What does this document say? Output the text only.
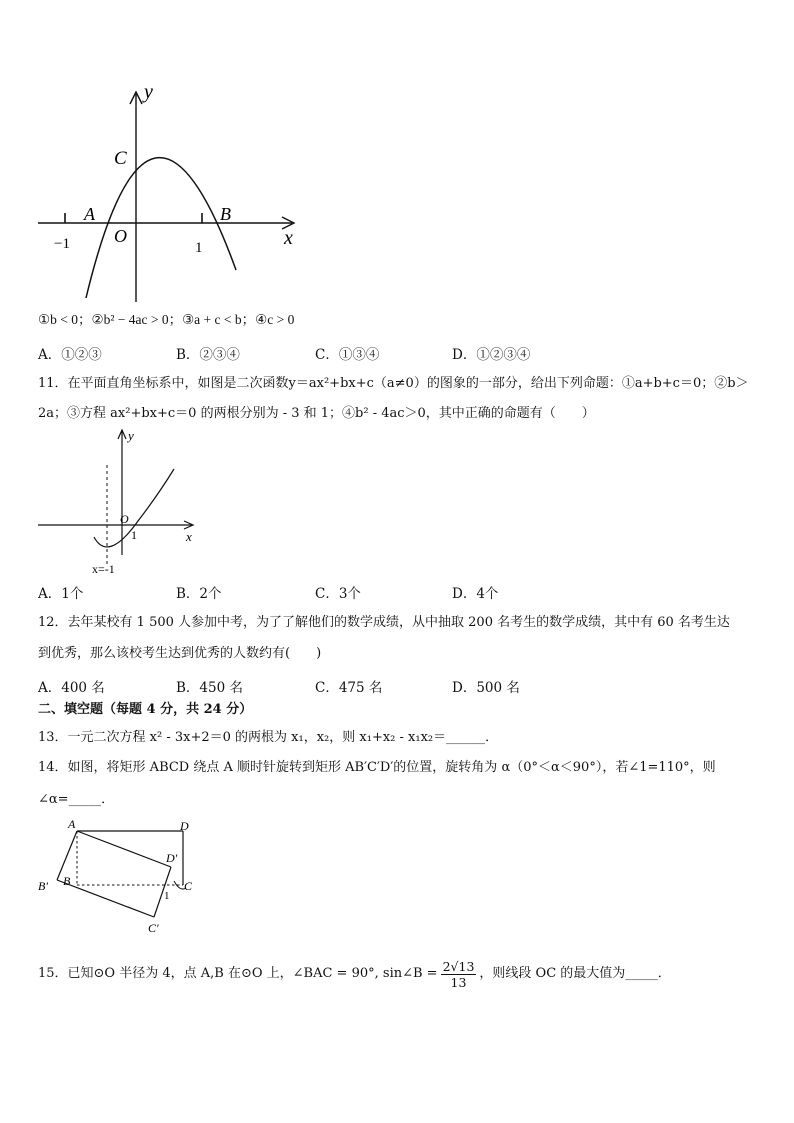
y
C
A	B
O	x
−1	1
①b < 0；②b² − 4ac > 0；③a + c < b；④c > 0
A．①②③	B．②③④	C．①③④	D．①②③④
11．在平面直角坐标系中，如图是二次函数y＝ax²+bx+c（a≠0）的图象的一部分，给出下列命题：①a+b+c＝0；②b＞
2a；③方程 ax²+bx+c＝0 的两根分别为 - 3 和 1；④b² - 4ac＞0，其中正确的命题有（　　）
y
O
x
1
x=-1
A．1个	B．2个	C．3个	D．4个
12．去年某校有 1 500 人参加中考，为了了解他们的数学成绩，从中抽取 200 名考生的数学成绩，其中有 60 名考生达
到优秀，那么该校考生达到优秀的人数约有(　　)
A．400 名	B．450 名	C．475 名	D．500 名
二、填空题（每题 4 分，共 24 分）
13．一元二次方程 x² - 3x+2＝0 的两根为 x₁，x₂，则 x₁+x₂ - x₁x₂＝______．
14．如图，将矩形 ABCD 绕点 A 顺时针旋转到矩形 AB′C′D′的位置，旋转角为 α（0°＜α＜90°），若∠1=110°，则
∠α=_____．
A	D
D′
B	C
B′
C′
1
15．已知⊙O 半径为 4，点 A,B 在⊙O 上，∠BAC = 90°, sin∠B = $\frac{2√13}{13}$ ，则线段 OC 的最大值为_____．
